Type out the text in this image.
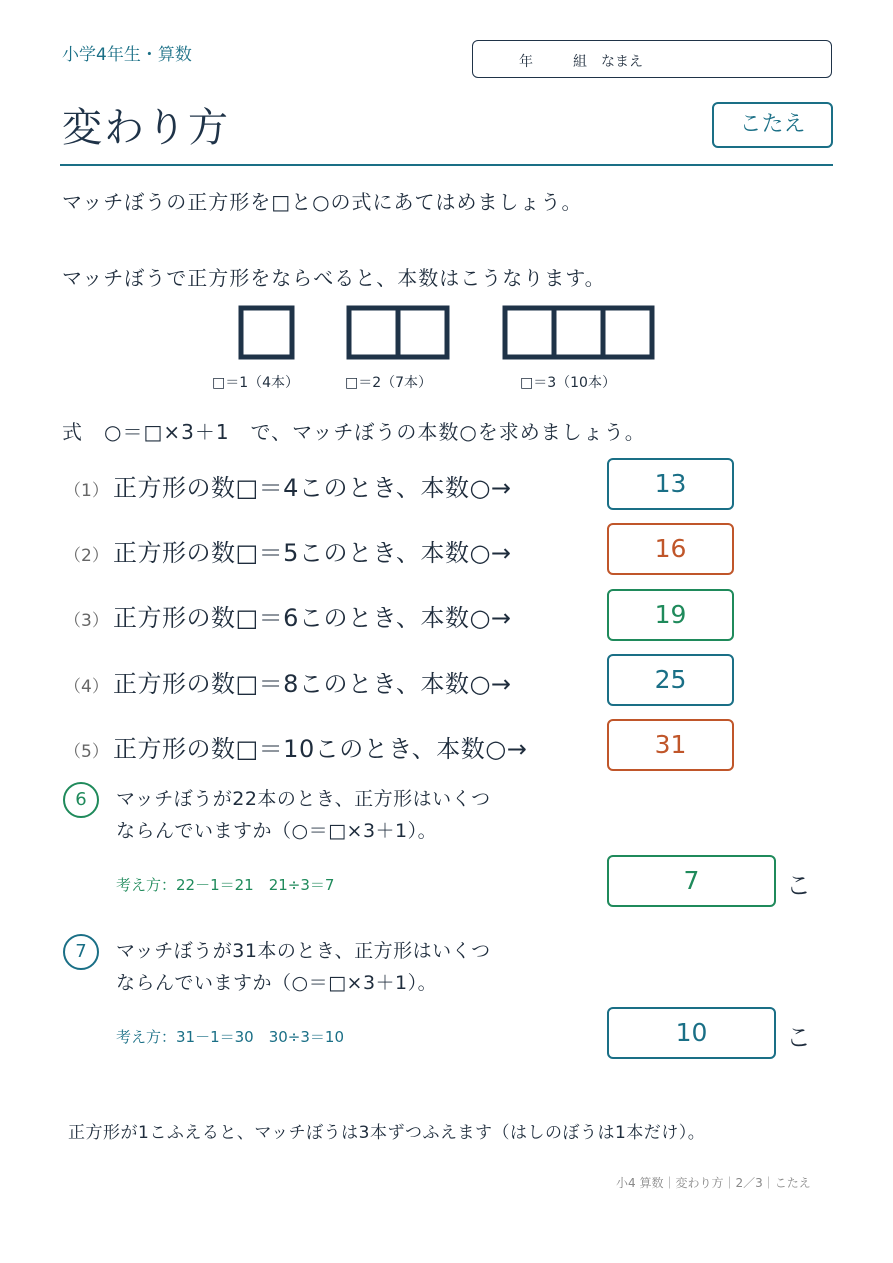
小学4年生・算数	年	組 なまえ
変わり方	こたえ
マッチぼうの正方形を□と○の式にあてはめましょう。
マッチぼうで正方形をならべると、本数はこうなります。
□＝1（4本）	□＝2（7本）	□＝3（10本）
式　○＝□×3＋1　で、マッチぼうの本数○を求めましょう。
（1） 正方形の数□＝4このとき、本数○→	13
（2） 正方形の数□＝5このとき、本数○→	16
（3） 正方形の数□＝6このとき、本数○→	19
（4） 正方形の数□＝8このとき、本数○→	25
（5） 正方形の数□＝10このとき、本数○→	31
6	マッチぼうが22本のとき、正方形はいくつ
ならんでいますか（○＝□×3＋1）。
考え方：22－1＝21　21÷3＝7	7	こ
7	マッチぼうが31本のとき、正方形はいくつ
ならんでいますか（○＝□×3＋1）。
考え方：31－1＝30　30÷3＝10	10	こ
正方形が1こふえると、マッチぼうは3本ずつふえます（はしのぼうは1本だけ）。
小4 算数｜変わり方｜2／3｜こたえ
